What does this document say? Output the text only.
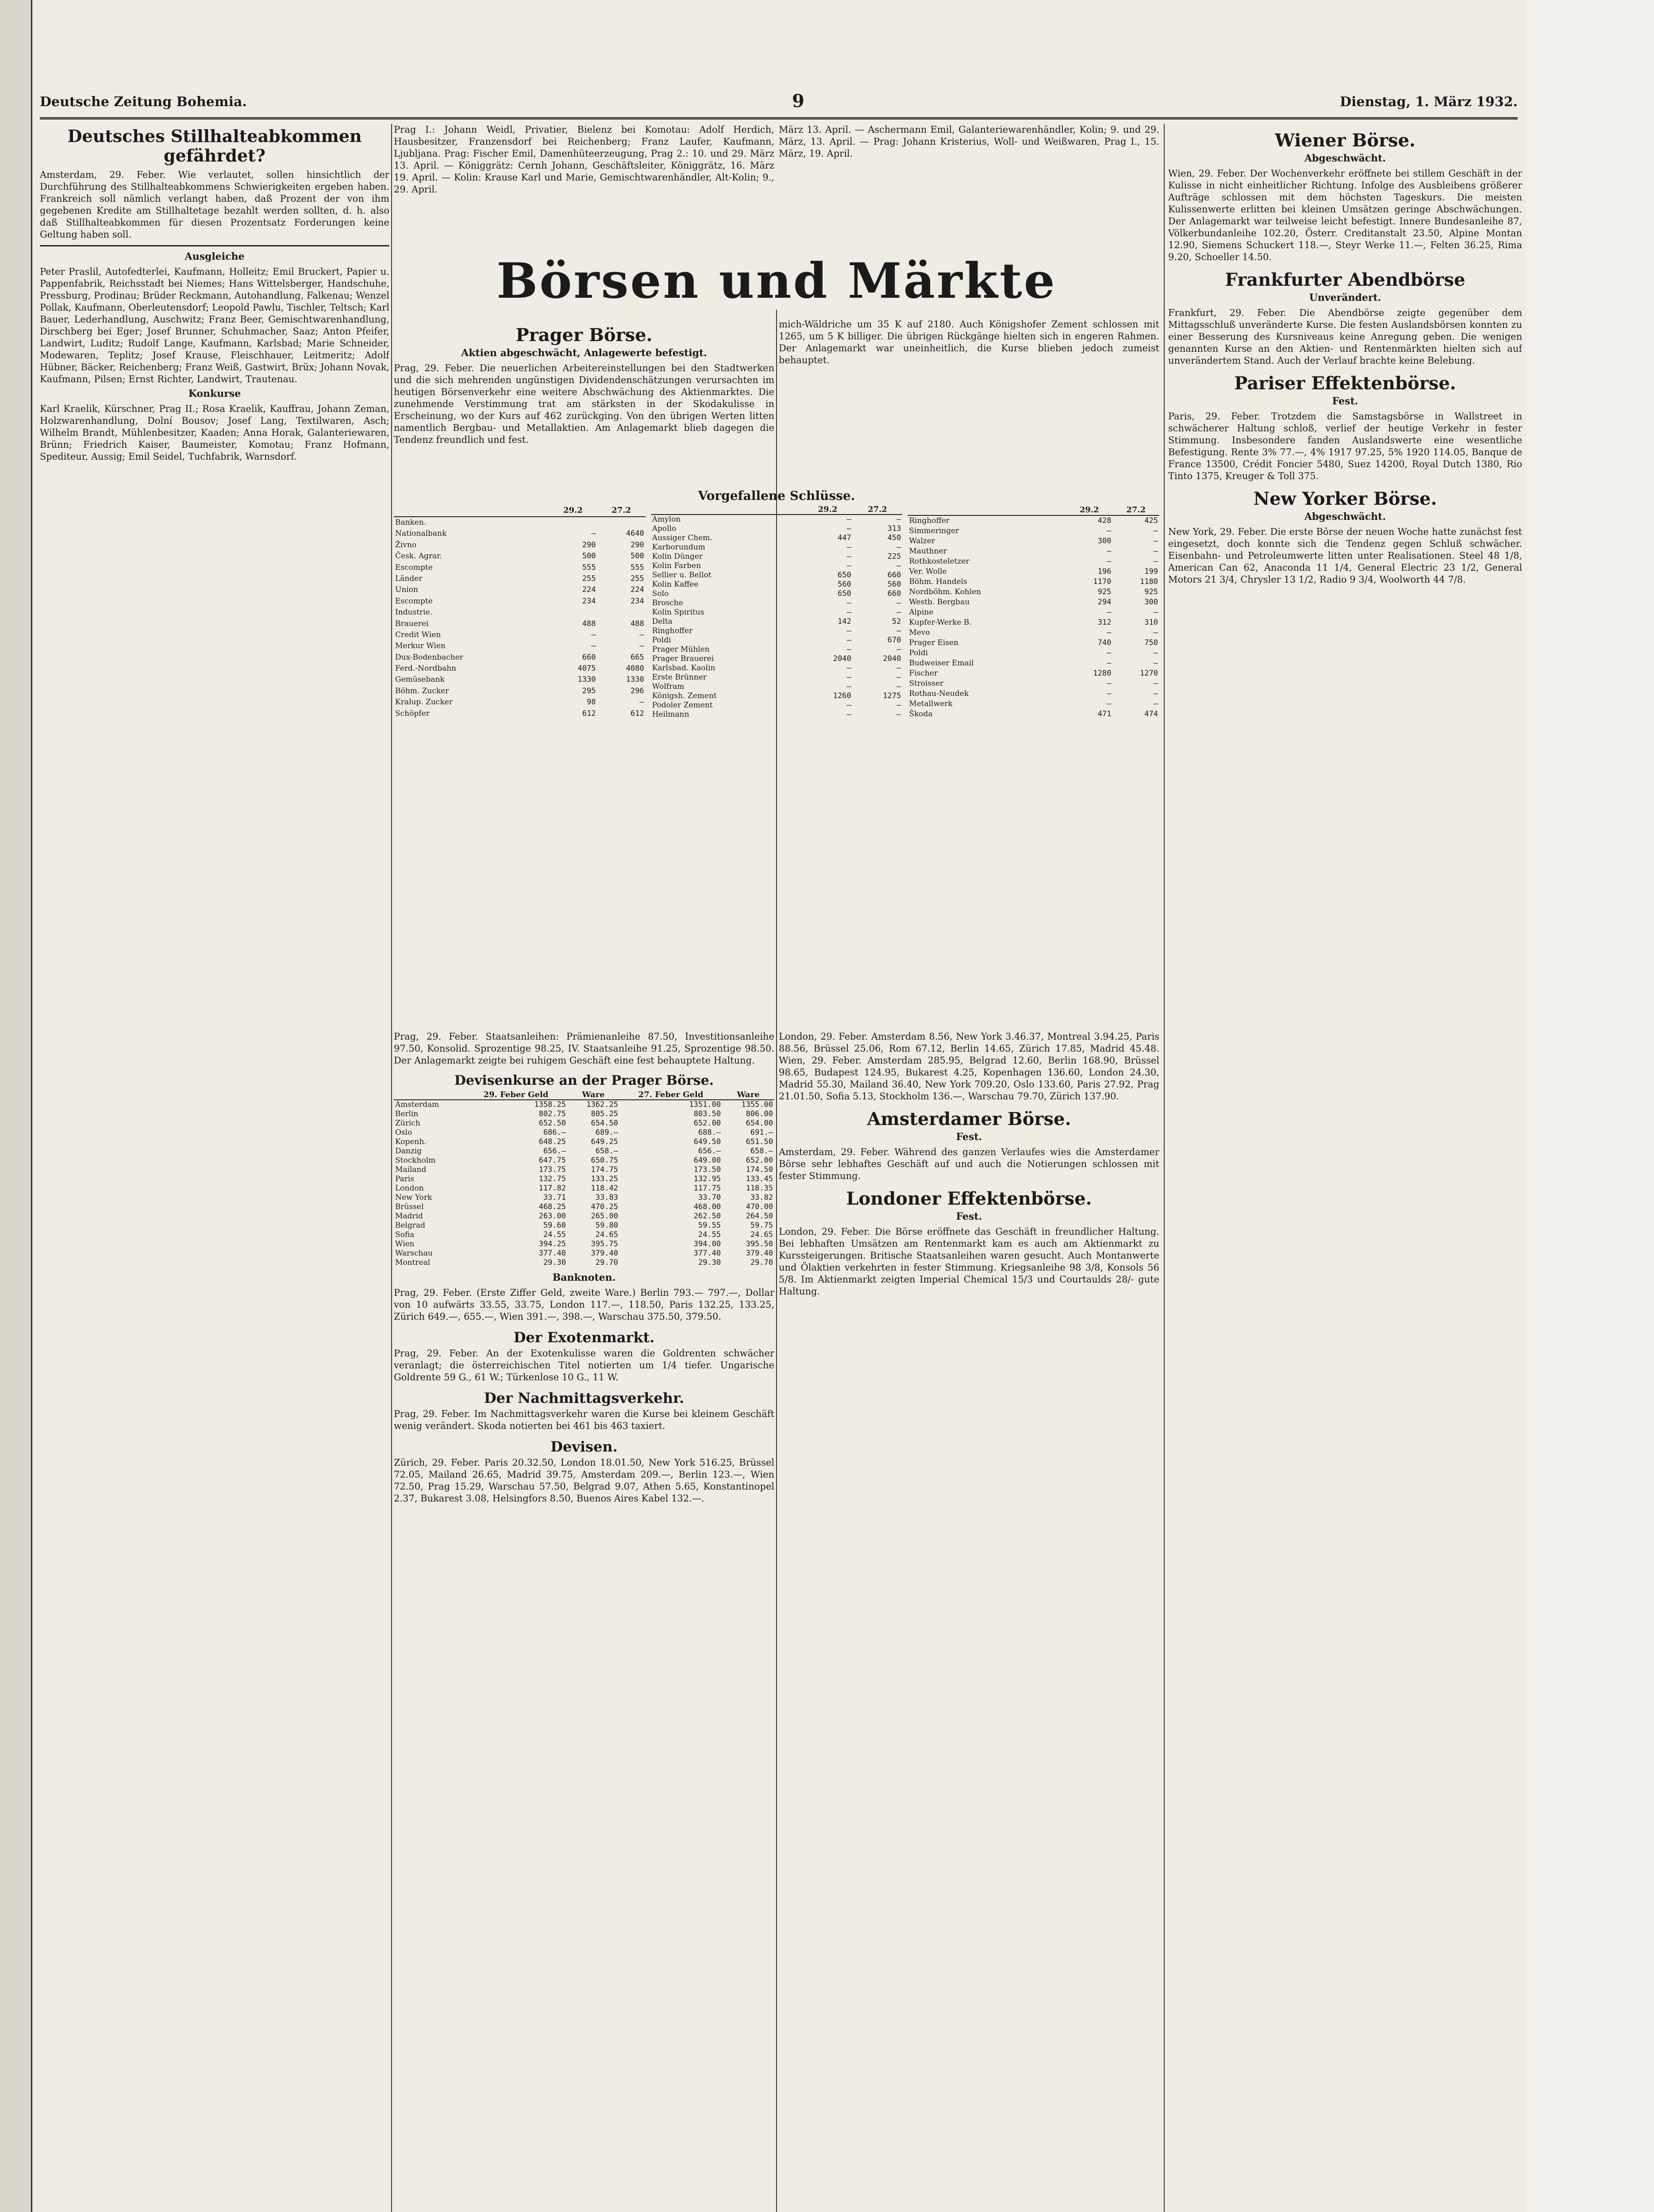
Deutsche Zeitung Bohemia.	9	Dienstag, 1. März 1932.
Deutsches Stillhalteabkommen gefährdet?

Amsterdam, 29. Feber. Wie verlautet, sollen hinsichtlich der Durchführung des Stillhalteabkommens Schwierigkeiten ergeben haben. Frankreich soll nämlich verlangt haben, daß Prozent der von ihm gegebenen Kredite am Stillhaltetage bezahlt werden sollten, d. h. also daß Stillhalteabkommen für diesen Prozentsatz Forderungen keine Geltung haben soll.

Ausgleiche

Peter Praslil, Autofedterlei, Kaufmann, Holleitz; Emil Bruckert, Papier u. Pappenfabrik, Reichsstadt bei Niemes; Hans Wittelsberger, Handschuhe, Pressburg, Prodinau; Brüder Reckmann, Autohandlung, Falkenau; Wenzel Pollak, Kaufmann, Oberleutensdorf; Leopold Pawlu, Tischler, Teltsch; Karl Bauer, Lederhandlung, Auschwitz; Franz Beer, Gemischtwarenhandlung, Dirschberg bei Eger; Josef Brunner, Schuhmacher, Saaz; Anton Pfeifer, Landwirt, Luditz; Rudolf Lange, Kaufmann, Karlsbad; Marie Schneider, Modewaren, Teplitz; Josef Krause, Fleischhauer, Leitmeritz; Adolf Hübner, Bäcker, Reichenberg; Franz Weiß, Gastwirt, Brüx; Johann Novak, Kaufmann, Pilsen; Ernst Richter, Landwirt, Trautenau.

Konkurse

Karl Kraelik, Kürschner, Prag II.; Rosa Kraelik, Kauffrau, Johann Zeman, Holzwarenhandlung, Dolní Bousov; Josef Lang, Textilwaren, Asch; Wilhelm Brandt, Mühlenbesitzer, Kaaden; Anna Horak, Galanteriewaren, Brünn; Friedrich Kaiser, Baumeister, Komotau; Franz Hofmann, Spediteur, Aussig; Emil Seidel, Tuchfabrik, Warnsdorf.

Prag I.: Johann Weidl, Privatier, Bielenz bei Komotau: Adolf Herdich, Hausbesitzer, Franzensdorf bei Reichenberg; Franz Laufer, Kaufmann, Ljubljana. Prag: Fischer Emil, Damenhüteerzeugung, Prag 2.: 10. und 29. März 13. April. — Königgrätz: Cernh Johann, Geschäftsleiter, Königgrätz, 16. März 19. April. — Kolin: Krause Karl und Marie, Gemischtwarenhändler, Alt-Kolin; 9., 29. April.

März 13. April. — Aschermann Emil, Galanteriewarenhändler, Kolin; 9. und 29. März, 13. April. — Prag: Johann Kristerius, Woll- und Weißwaren, Prag I., 15. März, 19. April.

Börsen und Märkte
Prager Börse.
Aktien abgeschwächt, Anlagewerte befestigt.

Prag, 29. Feber. Die neuerlichen Arbeitereinstellungen bei den Stadtwerken und die sich mehrenden ungünstigen Dividendenschätzungen verursachten im heutigen Börsenverkehr eine weitere Abschwächung des Aktienmarktes. Die zunehmende Verstimmung trat am stärksten in der Skodakulisse in Erscheinung, wo der Kurs auf 462 zurückging. Von den übrigen Werten litten namentlich Bergbau- und Metallaktien. Am Anlagemarkt blieb dagegen die Tendenz freundlich und fest.

mich-Wäldriche um 35 K auf 2180. Auch Königshofer Zement schlossen mit 1265, um 5 K billiger. Die übrigen Rückgänge hielten sich in engeren Rahmen. Der Anlagemarkt war uneinheitlich, die Kurse blieben jedoch zumeist behauptet.

Vorgefallene Schlüsse.
	29.2	27.2
Banken.		
Nationalbank	—	4640
Živno	290	290
Česk. Agrar.	500	500
Escompte	555	555
Länder	255	255
Union	224	224
Escompte	234	234
Industrie.		
Brauerei	488	488
Credit Wien	—	—
Merkur Wien	—	—
Dux-Bodenbacher	660	665
Ferd.-Nordbahn	4075	4080
Gemüsebank	1330	1330
Böhm. Zucker	295	296
Kralup. Zucker	98	—
Schöpfer	612	612
	29.2	27.2
Amylon	—	—
Apollo	—	313
Aussiger Chem.	447	450
Karborundum	—	—
Kolin Dünger	—	225
Kolin Farben	—	—
Sellier u. Bellot	650	660
Kolin Kaffee	560	560
Solo	650	660
Brosche	—	—
Kolin Spiritus	—	—
Delta	142	52
Ringhoffer	—	—
Poldi	—	670
Prager Mühlen	—	—
Prager Brauerei	2040	2040
Karlsbad. Kaolin	—	—
Erste Brünner	—	—
Wolfram	—	—
Königsh. Zement	1260	1275
Podoler Zement	—	—
Heilmann	—	—
	29.2	27.2
Ringhoffer	428	425
Simmeringer	—	—
Walzer	300	—
Mauthner	—	—
Rothkosteletzer	—	—
Ver. Wolle	196	199
Böhm. Handels	1170	1180
Nordböhm. Kohlen	925	925
Westb. Bergbau	294	300
Alpine	—	—
Kupfer-Werke B.	312	310
Mevo	—	—
Prager Eisen	740	750
Poldi	—	—
Budweiser Email	—	—
Fischer	1280	1270
Stroisser	—	—
Rothau-Neudek	—	—
Metallwerk	—	—
Škoda	471	474

Prag, 29. Feber. Staatsanleihen: Prämienanleihe 87.50, Investitionsanleihe 97.50, Konsolid. Sprozentige 98.25, IV. Staatsanleihe 91.25, Sprozentige 98.50. Der Anlagemarkt zeigte bei ruhigem Geschäft eine fest behauptete Haltung.

Devisenkurse an der Prager Börse.
	29. Feber Geld	Ware	27. Feber Geld	Ware
Amsterdam	1358.25	1362.25	1351.00	1355.00
Berlin	802.75	805.25	803.50	806.00
Zürich	652.50	654.50	652.00	654.00
Oslo	686.—	689.—	688.—	691.—
Kopenh.	648.25	649.25	649.50	651.50
Danzig	656.—	658.—	656.—	658.—
Stockholm	647.75	650.75	649.00	652.00
Mailand	173.75	174.75	173.50	174.50
Paris	132.75	133.25	132.95	133.45
London	117.82	118.42	117.75	118.35
New York	33.71	33.83	33.70	33.82
Brüssel	468.25	470.25	468.00	470.00
Madrid	263.00	265.00	262.50	264.50
Belgrad	59.60	59.80	59.55	59.75
Sofia	24.55	24.65	24.55	24.65
Wien	394.25	395.75	394.00	395.50
Warschau	377.40	379.40	377.40	379.40
Montreal	29.30	29.70	29.30	29.70
Banknoten.

Prag, 29. Feber. (Erste Ziffer Geld, zweite Ware.) Berlin 793.— 797.—, Dollar von 10 aufwärts 33.55, 33.75, London 117.—, 118.50, Paris 132.25, 133.25, Zürich 649.—, 655.—, Wien 391.—, 398.—, Warschau 375.50, 379.50.

Der Exotenmarkt.

Prag, 29. Feber. An der Exotenkulisse waren die Goldrenten schwächer veranlagt; die österreichischen Titel notierten um 1/4 tiefer. Ungarische Goldrente 59 G., 61 W.; Türkenlose 10 G., 11 W.

Der Nachmittagsverkehr.

Prag, 29. Feber. Im Nachmittagsverkehr waren die Kurse bei kleinem Geschäft wenig verändert. Skoda notierten bei 461 bis 463 taxiert.

Devisen.

Zürich, 29. Feber. Paris 20.32.50, London 18.01.50, New York 516.25, Brüssel 72.05, Mailand 26.65, Madrid 39.75, Amsterdam 209.—, Berlin 123.—, Wien 72.50, Prag 15.29, Warschau 57.50, Belgrad 9.07, Athen 5.65, Konstantinopel 2.37, Bukarest 3.08, Helsingfors 8.50, Buenos Aires Kabel 132.—.

London, 29. Feber. Amsterdam 8.56, New York 3.46.37, Montreal 3.94.25, Paris 88.56, Brüssel 25.06, Rom 67.12, Berlin 14.65, Zürich 17.85, Madrid 45.48. Wien, 29. Feber. Amsterdam 285.95, Belgrad 12.60, Berlin 168.90, Brüssel 98.65, Budapest 124.95, Bukarest 4.25, Kopenhagen 136.60, London 24.30, Madrid 55.30, Mailand 36.40, New York 709.20, Oslo 133.60, Paris 27.92, Prag 21.01.50, Sofia 5.13, Stockholm 136.—, Warschau 79.70, Zürich 137.90.

Amsterdamer Börse.
Fest.

Amsterdam, 29. Feber. Während des ganzen Verlaufes wies die Amsterdamer Börse sehr lebhaftes Geschäft auf und auch die Notierungen schlossen mit fester Stimmung.

Londoner Effektenbörse.
Fest.

London, 29. Feber. Die Börse eröffnete das Geschäft in freundlicher Haltung. Bei lebhaften Umsätzen am Rentenmarkt kam es auch am Aktienmarkt zu Kurssteigerungen. Britische Staatsanleihen waren gesucht. Auch Montanwerte und Ölaktien verkehrten in fester Stimmung. Kriegsanleihe 98 3/8, Konsols 56 5/8. Im Aktienmarkt zeigten Imperial Chemical 15/3 und Courtaulds 28/- gute Haltung.

Wiener Börse.
Abgeschwächt.

Wien, 29. Feber. Der Wochenverkehr eröffnete bei stillem Geschäft in der Kulisse in nicht einheitlicher Richtung. Infolge des Ausbleibens größerer Aufträge schlossen mit dem höchsten Tageskurs. Die meisten Kulissenwerte erlitten bei kleinen Umsätzen geringe Abschwächungen. Der Anlagemarkt war teilweise leicht befestigt. Innere Bundesanleihe 87, Völkerbundanleihe 102.20, Österr. Creditanstalt 23.50, Alpine Montan 12.90, Siemens Schuckert 118.—, Steyr Werke 11.—, Felten 36.25, Rima 9.20, Schoeller 14.50.

Frankfurter Abendbörse
Unverändert.

Frankfurt, 29. Feber. Die Abendbörse zeigte gegenüber dem Mittagsschluß unveränderte Kurse. Die festen Auslandsbörsen konnten zu einer Besserung des Kursniveaus keine Anregung geben. Die wenigen genannten Kurse an den Aktien- und Rentenmärkten hielten sich auf unverändertem Stand. Auch der Verlauf brachte keine Belebung.

Pariser Effektenbörse.
Fest.

Paris, 29. Feber. Trotzdem die Samstagsbörse in Wallstreet in schwächerer Haltung schloß, verlief der heutige Verkehr in fester Stimmung. Insbesondere fanden Auslandswerte eine wesentliche Befestigung. Rente 3% 77.—, 4% 1917 97.25, 5% 1920 114.05, Banque de France 13500, Crédit Foncier 5480, Suez 14200, Royal Dutch 1380, Rio Tinto 1375, Kreuger & Toll 375.

New Yorker Börse.
Abgeschwächt.

New York, 29. Feber. Die erste Börse der neuen Woche hatte zunächst fest eingesetzt, doch konnte sich die Tendenz gegen Schluß schwächer. Eisenbahn- und Petroleumwerte litten unter Realisationen. Steel 48 1/8, American Can 62, Anaconda 11 1/4, General Electric 23 1/2, General Motors 21 3/4, Chrysler 13 1/2, Radio 9 3/4, Woolworth 44 7/8.
